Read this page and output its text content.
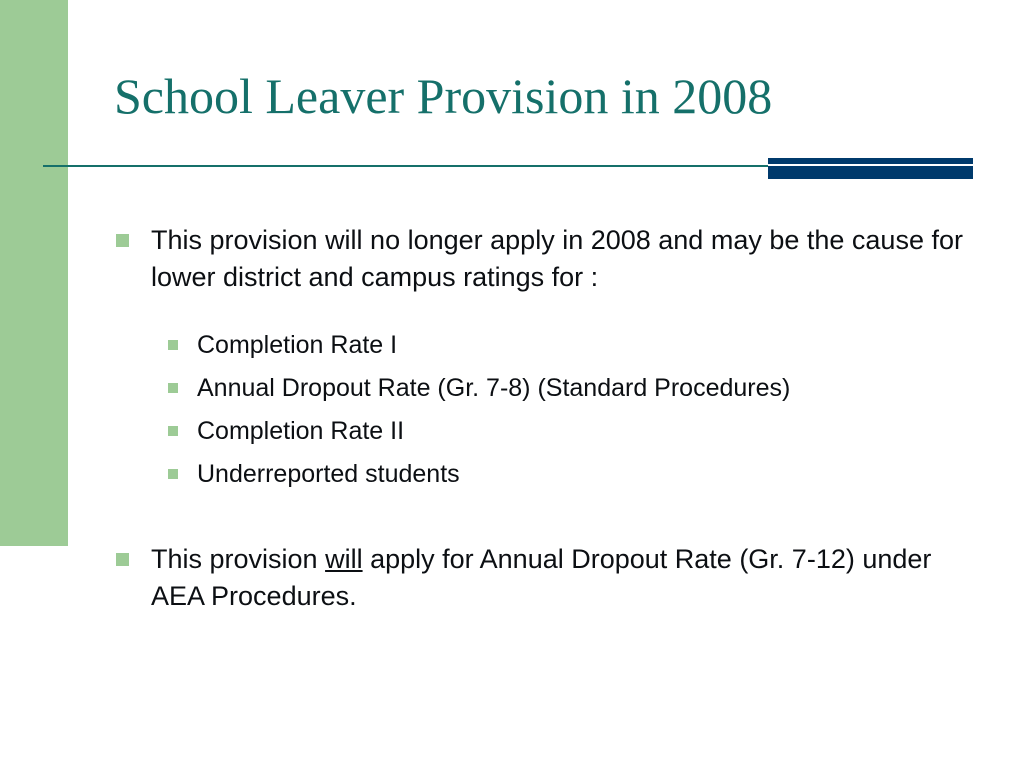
School Leaver Provision in 2008
This provision will no longer apply in 2008 and may be the cause for lower district and campus ratings for :
Completion Rate I
Annual Dropout Rate (Gr. 7-8) (Standard Procedures)
Completion Rate II
Underreported students
This provision will apply for Annual Dropout Rate (Gr. 7-12) under AEA Procedures.
